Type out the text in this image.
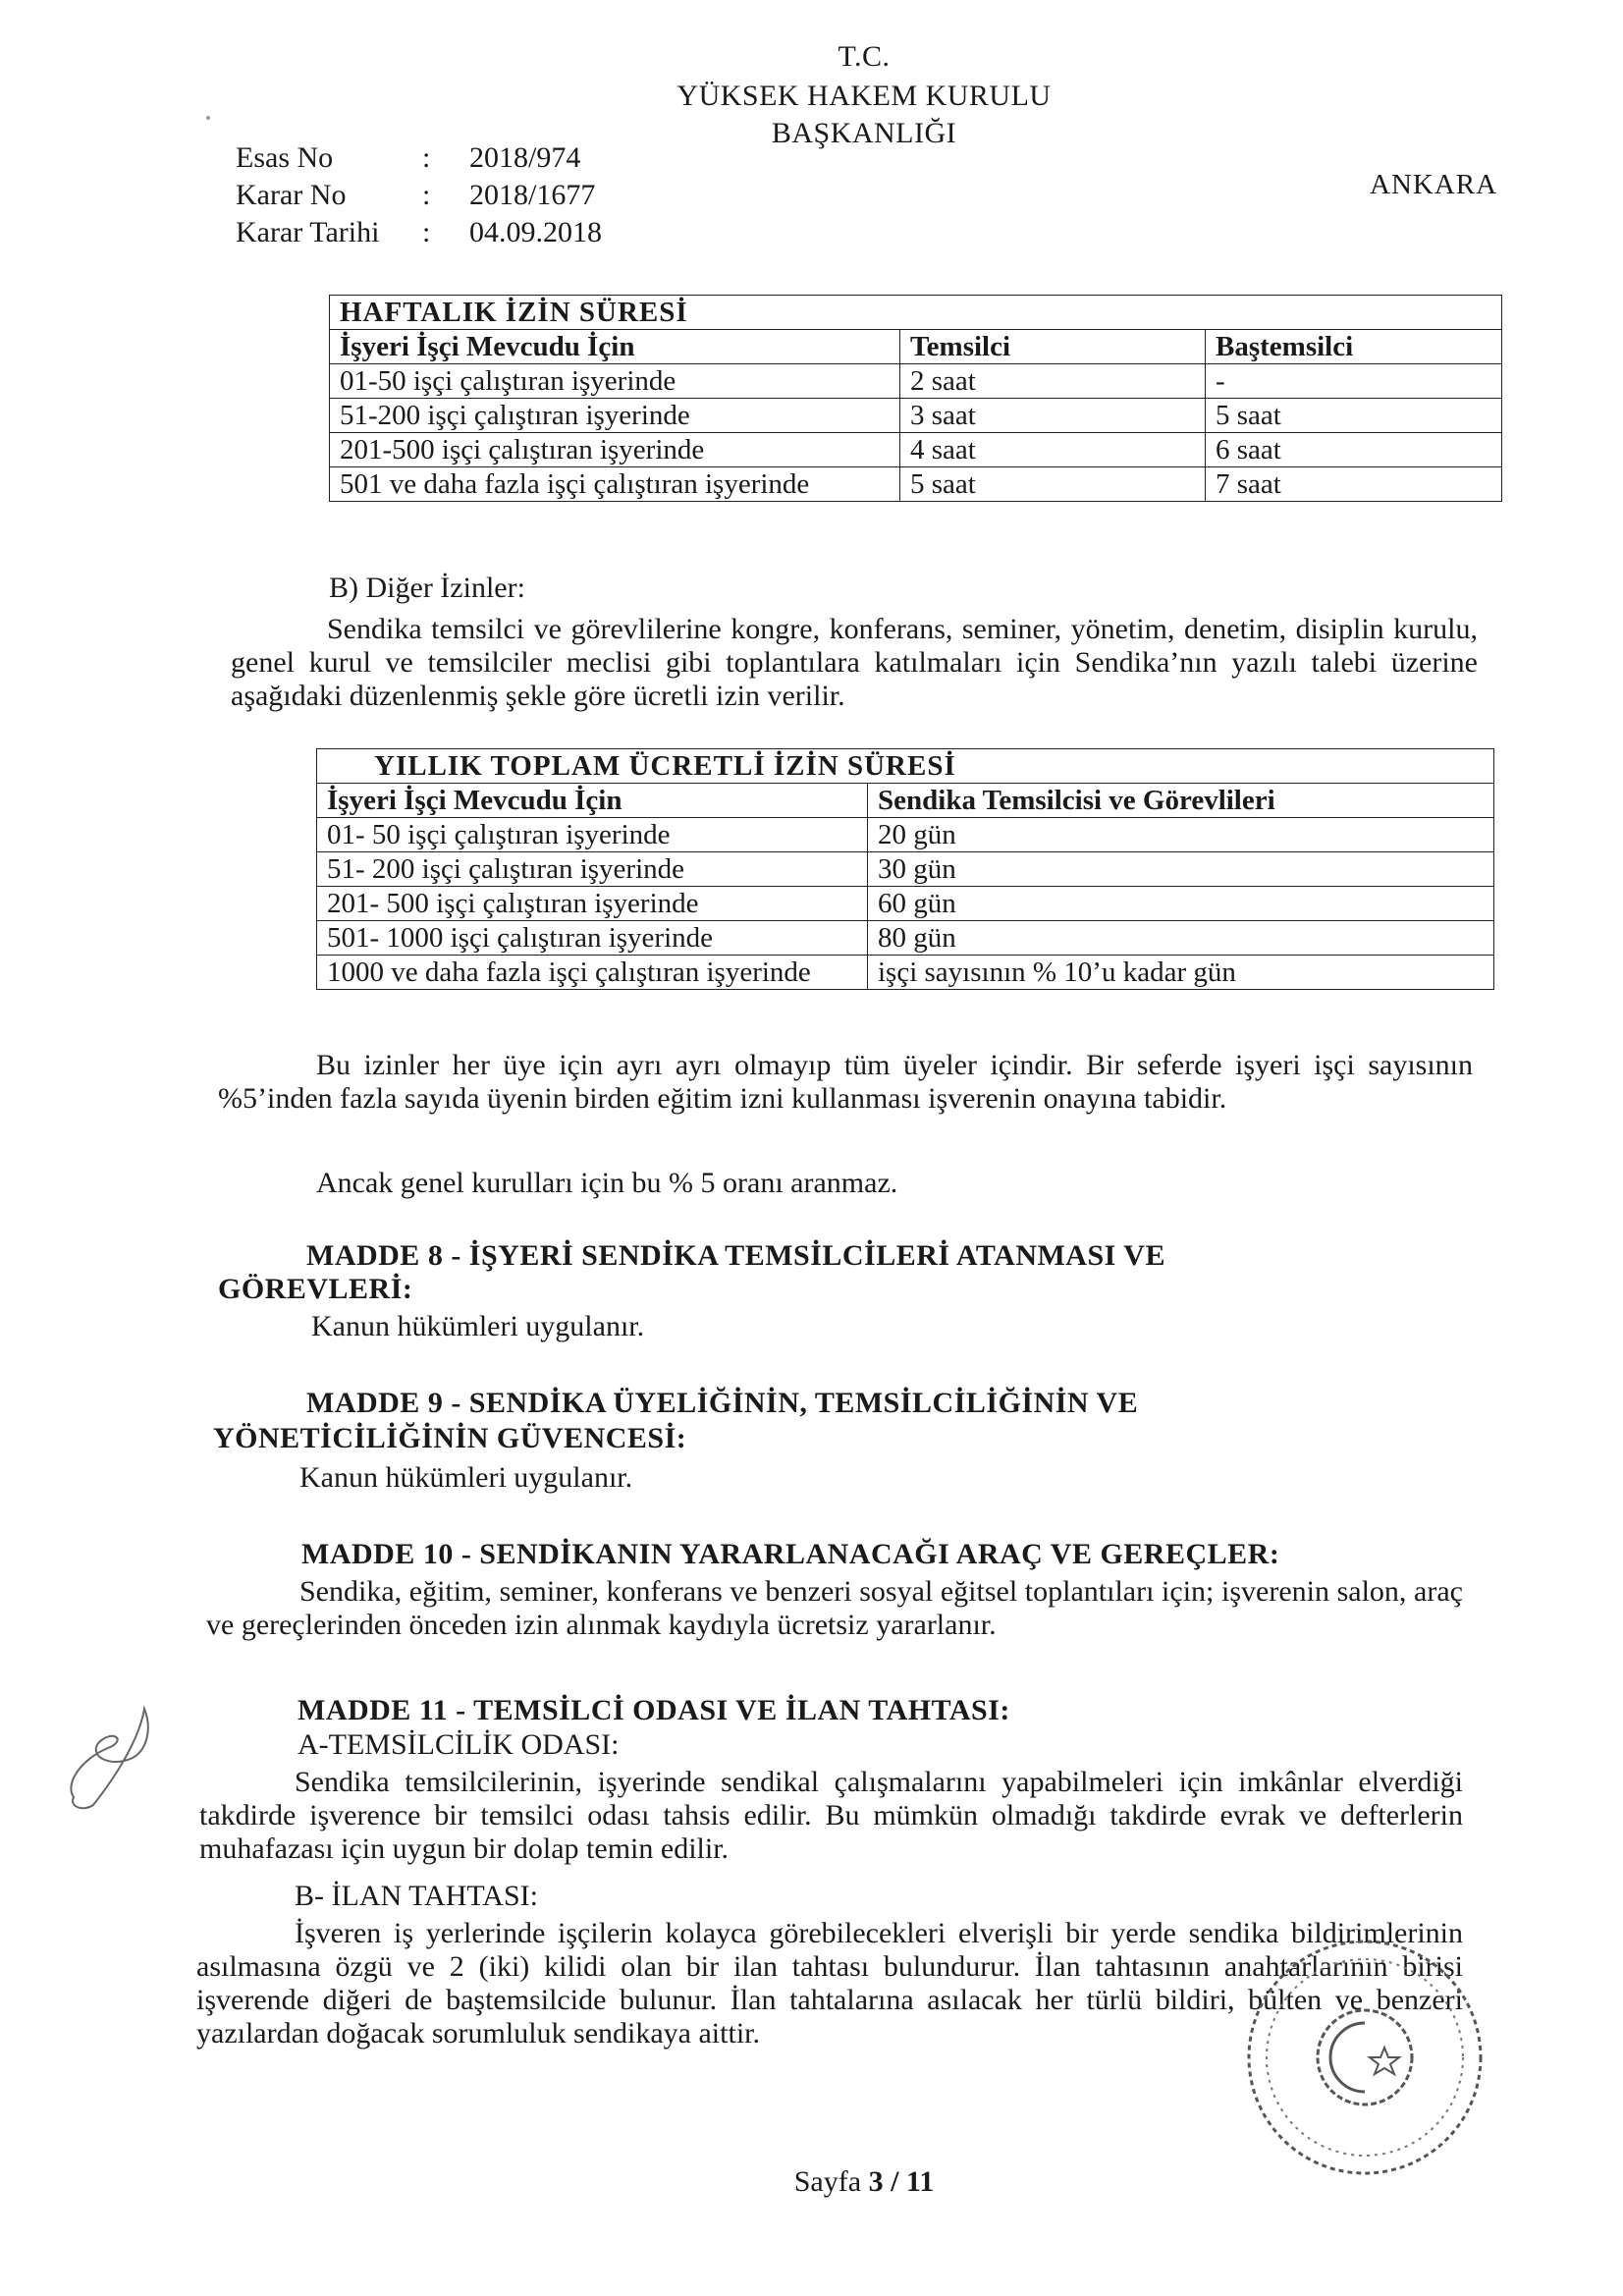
T.C.
YÜKSEK HAKEM KURULU
BAŞKANLIĞI
Esas No	: 2018/974
Karar No	: 2018/1677
Karar Tarihi : 04.09.2018
ANKARA
HAFTALIK İZİN SÜRESİ		
İşyeri İşçi Mevcudu İçin	Temsilci	Baştemsilci
01-50 işçi çalıştıran işyerinde	2 saat	-
51-200 işçi çalıştıran işyerinde	3 saat	5 saat
201-500 işçi çalıştıran işyerinde	4 saat	6 saat
501 ve daha fazla işçi çalıştıran işyerinde	5 saat	7 saat
B) Diğer İzinler:
Sendika temsilci ve görevlilerine kongre, konferans, seminer, yönetim, denetim, disiplin kurulu, genel kurul ve temsilciler meclisi gibi toplantılara katılmaları için Sendika’nın yazılı talebi üzerine aşağıdaki düzenlenmiş şekle göre ücretli izin verilir.
YILLIK TOPLAM ÜCRETLİ İZİN SÜRESİ	
İşyeri İşçi Mevcudu İçin	Sendika Temsilcisi ve Görevlileri
01- 50 işçi çalıştıran işyerinde	20 gün
51- 200 işçi çalıştıran işyerinde	30 gün
201- 500 işçi çalıştıran işyerinde	60 gün
501- 1000 işçi çalıştıran işyerinde	80 gün
1000 ve daha fazla işçi çalıştıran işyerinde	işçi sayısının % 10’u kadar gün
Bu izinler her üye için ayrı ayrı olmayıp tüm üyeler içindir. Bir seferde işyeri işçi sayısının %5’inden fazla sayıda üyenin birden eğitim izni kullanması işverenin onayına tabidir.
Ancak genel kurulları için bu % 5 oranı aranmaz.
MADDE 8 - İŞYERİ SENDİKA TEMSİLCİLERİ ATANMASI VE
GÖREVLERİ:
Kanun hükümleri uygulanır.
MADDE 9 - SENDİKA ÜYELİĞİNİN, TEMSİLCİLİĞİNİN VE
YÖNETİCİLİĞİNİN GÜVENCESİ:
Kanun hükümleri uygulanır.
MADDE 10 - SENDİKANIN YARARLANACAĞI ARAÇ VE GEREÇLER:
Sendika, eğitim, seminer, konferans ve benzeri sosyal eğitsel toplantıları için; işverenin salon, araç ve gereçlerinden önceden izin alınmak kaydıyla ücretsiz yararlanır.
MADDE 11 - TEMSİLCİ ODASI VE İLAN TAHTASI:
A-TEMSİLCİLİK ODASI:
Sendika temsilcilerinin, işyerinde sendikal çalışmalarını yapabilmeleri için imkânlar elverdiği takdirde işverence bir temsilci odası tahsis edilir. Bu mümkün olmadığı takdirde evrak ve defterlerin muhafazası için uygun bir dolap temin edilir.
B- İLAN TAHTASI:
İşveren iş yerlerinde işçilerin kolayca görebilecekleri elverişli bir yerde sendika bildirimlerinin asılmasına özgü ve 2 (iki) kilidi olan bir ilan tahtası bulundurur. İlan tahtasının anahtarlarının birisi işverende diğeri de baştemsilcide bulunur. İlan tahtalarına asılacak her türlü bildiri, bülten ve benzeri yazılardan doğacak sorumluluk sendikaya aittir.
Sayfa 3 / 11
